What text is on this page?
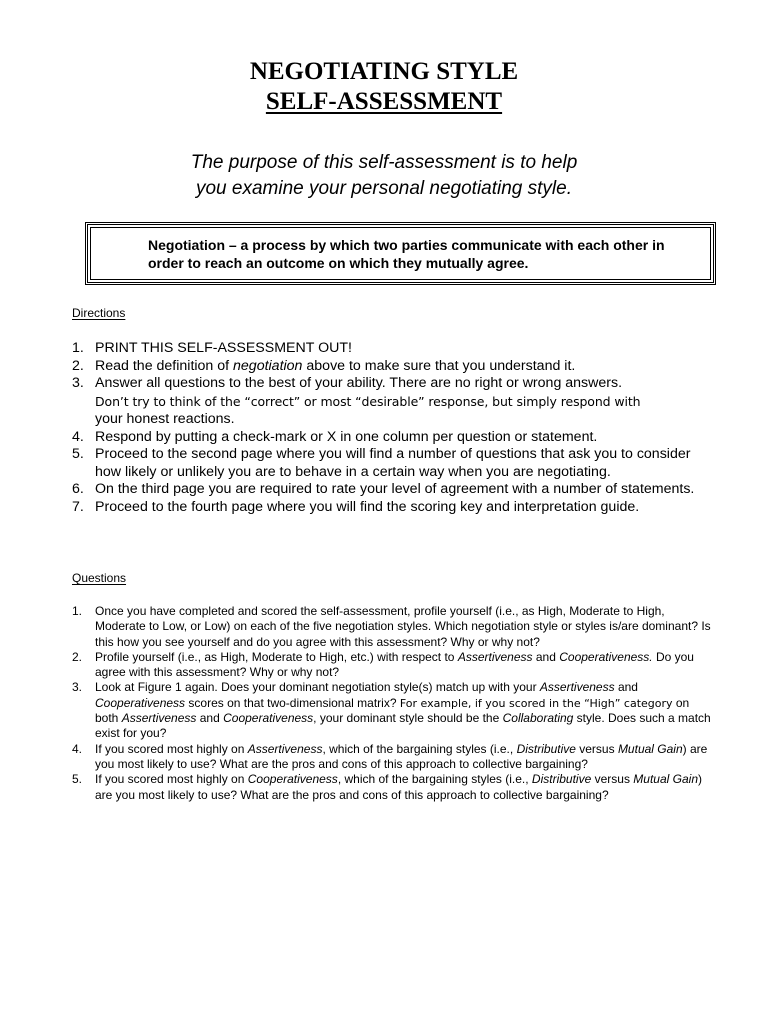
NEGOTIATING STYLE
SELF-ASSESSMENT
The purpose of this self-assessment is to help
you examine your personal negotiating style.

Negotiation – a process by which two parties communicate with each other in order to reach an outcome on which they mutually agree.

Directions
1. PRINT THIS SELF-ASSESSMENT OUT!
2. Read the definition of negotiation above to make sure that you understand it.
3. Answer all questions to the best of your ability. There are no right or wrong answers.
Don’t try to think of the “correct” or most “desirable” response, but simply respond with
your honest reactions.
4. Respond by putting a check-mark or X in one column per question or statement.
5. Proceed to the second page where you will find a number of questions that ask you to consider how likely or unlikely you are to behave in a certain way when you are negotiating.
6. On the third page you are required to rate your level of agreement with a number of statements.
7. Proceed to the fourth page where you will find the scoring key and interpretation guide.
Questions
1. Once you have completed and scored the self-assessment, profile yourself (i.e., as High, Moderate to High, Moderate to Low, or Low) on each of the five negotiation styles. Which negotiation style or styles is/are dominant? Is this how you see yourself and do you agree with this assessment? Why or why not?
2. Profile yourself (i.e., as High, Moderate to High, etc.) with respect to Assertiveness and Cooperativeness. Do you agree with this assessment? Why or why not?
3. Look at Figure 1 again. Does your dominant negotiation style(s) match up with your Assertiveness and Cooperativeness scores on that two-dimensional matrix? For example, if you scored in the “High” category on both Assertiveness and Cooperativeness, your dominant style should be the Collaborating style. Does such a match exist for you?
4. If you scored most highly on Assertiveness, which of the bargaining styles (i.e., Distributive versus Mutual Gain) are you most likely to use? What are the pros and cons of this approach to collective bargaining?
5. If you scored most highly on Cooperativeness, which of the bargaining styles (i.e., Distributive versus Mutual Gain) are you most likely to use? What are the pros and cons of this approach to collective bargaining?
